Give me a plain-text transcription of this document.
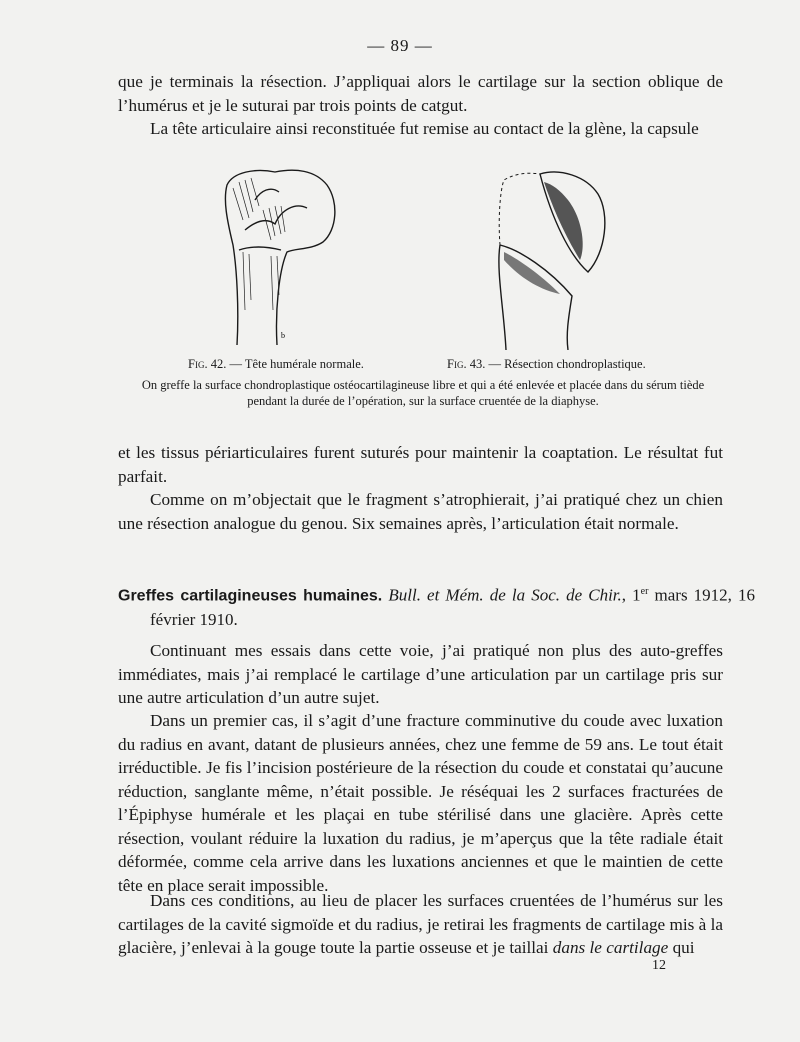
— 89 —

que je terminais la résection. J’appliquai alors le cartilage sur la section oblique de l’humérus et je le suturai par trois points de catgut.

La tête articulaire ainsi reconstituée fut remise au contact de la glène, la capsule

b
Fig. 42. — Tête humérale normale.	Fig. 43. — Résection chondroplastique.

On greffe la surface chondroplastique ostéocartilagineuse libre et qui a été enlevée et placée dans du sérum tiède pendant la durée de l’opération, sur la surface cruentée de la diaphyse.

et les tissus périarticulaires furent suturés pour maintenir la coaptation. Le résultat fut parfait.

Comme on m’objectait que le fragment s’atrophierait, j’ai pratiqué chez un chien une résection analogue du genou. Six semaines après, l’articulation était normale.

Greffes cartilagineuses humaines. Bull. et Mém. de la Soc. de Chir., 1er mars 1912, 16 février 1910.

Continuant mes essais dans cette voie, j’ai pratiqué non plus des auto-greffes immédiates, mais j’ai remplacé le cartilage d’une articulation par un cartilage pris sur une autre articulation d’un autre sujet.

Dans un premier cas, il s’agit d’une fracture comminutive du coude avec luxation du radius en avant, datant de plusieurs années, chez une femme de 59 ans. Le tout était irréductible. Je fis l’incision postérieure de la résection du coude et constatai qu’aucune réduction, sanglante même, n’était possible. Je réséquai les 2 surfaces fracturées de l’Épiphyse humérale et les plaçai en tube stérilisé dans une glacière. Après cette résection, voulant réduire la luxation du radius, je m’aperçus que la tête radiale était déformée, comme cela arrive dans les luxations anciennes et que le maintien de cette tête en place serait impossible.

Dans ces conditions, au lieu de placer les surfaces cruentées de l’humérus sur les cartilages de la cavité sigmoïde et du radius, je retirai les fragments de cartilage mis à la glacière, j’enlevai à la gouge toute la partie osseuse et je taillai dans le cartilage qui

12
